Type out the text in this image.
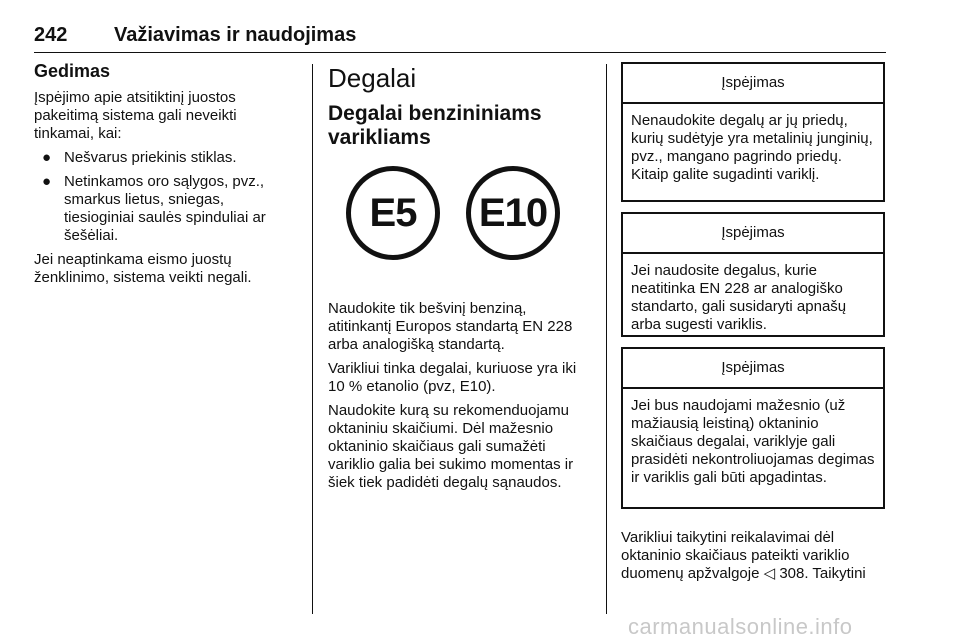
242 Važiavimas ir naudojimas
Gedimas

Įspėjimo apie atsitiktinį juostos pakeitimą sistema gali neveikti tinkamai, kai:

● Nešvarus priekinis stiklas.
● Netinkamos oro sąlygos, pvz., smarkus lietus, sniegas, tiesioginiai saulės spinduliai ar šešėliai.

Jei neaptinkama eismo juostų ženklinimo, sistema veikti negali.

Degalai
Degalai benzininiams varikliams
E5	E10

Naudokite tik bešvinį benziną, atitinkantį Europos standartą EN 228 arba analogišką standartą.

Varikliui tinka degalai, kuriuose yra iki 10 % etanolio (pvz, E10).

Naudokite kurą su rekomenduojamu oktaniniu skaičiumi. Dėl mažesnio oktaninio skaičiaus gali sumažėti variklio galia bei sukimo momentas ir šiek tiek padidėti degalų sąnaudos.

Įspėjimas
Nenaudokite degalų ar jų priedų, kurių sudėtyje yra metalinių junginių, pvz., mangano pagrindo priedų. Kitaip galite sugadinti variklį.
Įspėjimas
Jei naudosite degalus, kurie neatitinka EN 228 ar analogiško standarto, gali susidaryti apnašų arba sugesti variklis.
Įspėjimas
Jei bus naudojami mažesnio (už mažiausią leistiną) oktaninio skaičiaus degalai, variklyje gali prasidėti nekontroliuojamas degimas ir variklis gali būti apgadintas.

Varikliui taikytini reikalavimai dėl oktaninio skaičiaus pateikti variklio duomenų apžvalgoje ◁ 308. Taikytini

carmanualsonline.info
